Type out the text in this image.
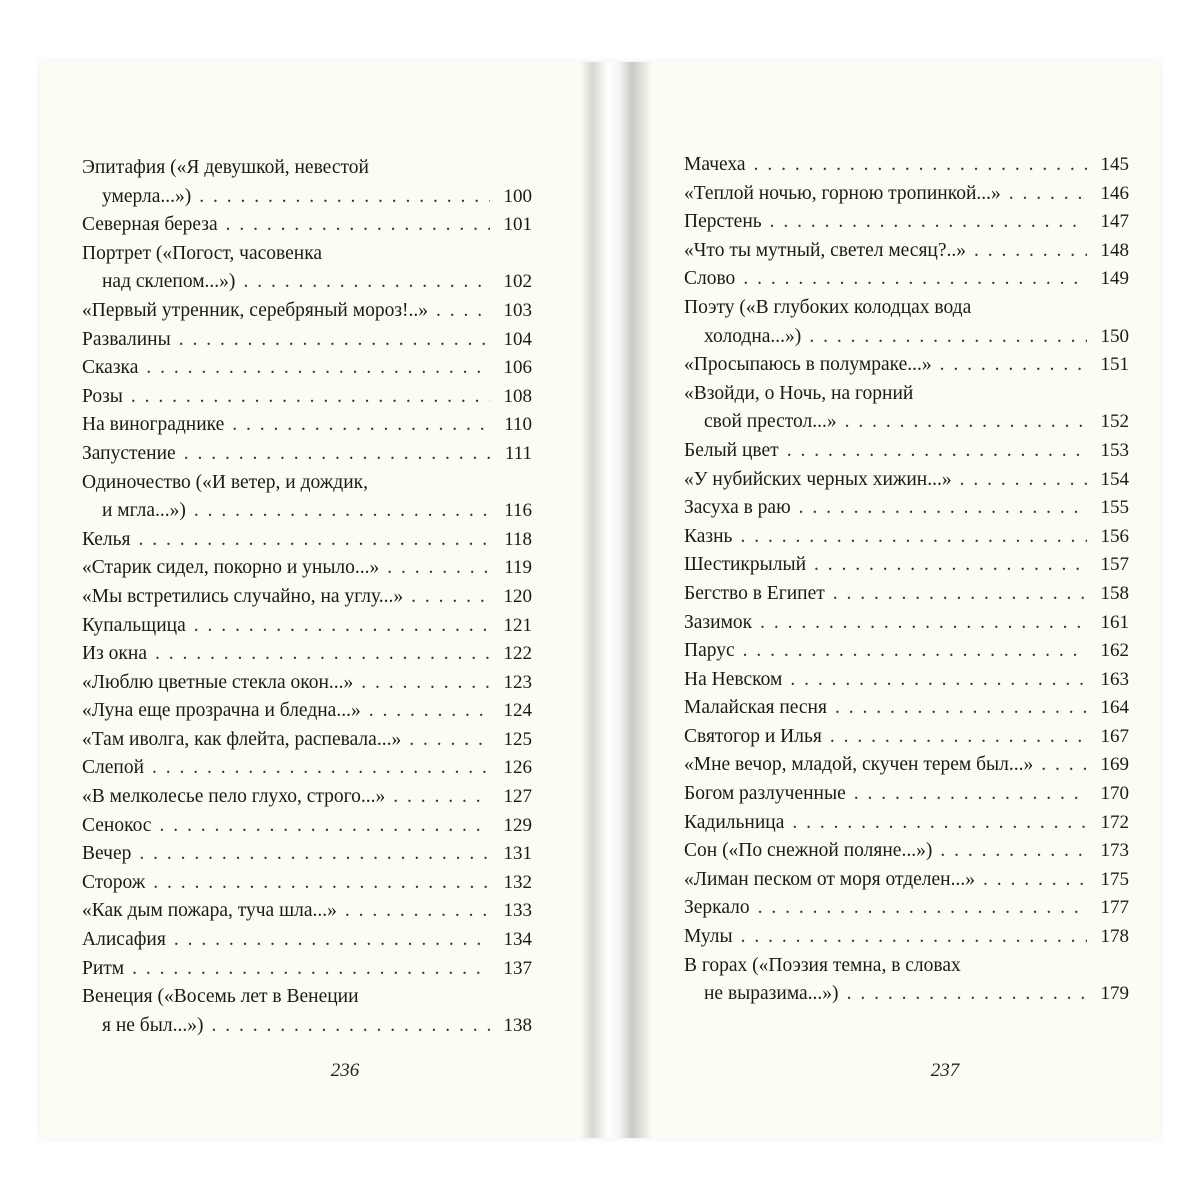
Эпитафия («Я девушкой, невестой
умерла...») . . .	100
Северная береза . . .	101
Портрет («Погост, часовенка
над склепом...») . . .	102
«Первый утренник, серебряный мороз!..» . . .	103
Развалины . . .	104
Сказка . . .	106
Розы . . .	108
На винограднике . . .	110
Запустение . . .	111
Одиночество («И ветер, и дождик,
и мгла...») . . .	116
Келья . . .	118
«Старик сидел, покорно и уныло...» . . .	119
«Мы встретились случайно, на углу...» . . .	120
Купальщица . . .	121
Из окна . . .	122
«Люблю цветные стекла окон...» . . .	123
«Луна еще прозрачна и бледна...» . . .	124
«Там иволга, как флейта, распевала...» . . .	125
Слепой . . .	126
«В мелколесье пело глухо, строго...» . . .	127
Сенокос . . .	129
Вечер . . .	131
Сторож . . .	132
«Как дым пожара, туча шла...» . . .	133
Алисафия . . .	134
Ритм . . .	137
Венеция («Восемь лет в Венеции
я не был...») . . .	138
236
Мачеха . . .	145
«Теплой ночью, горною тропинкой...» . . .	146
Перстень . . .	147
«Что ты мутный, светел месяц?..» . . .	148
Слово . . .	149
Поэту («В глубоких колодцах вода
холодна...») . . .	150
«Просыпаюсь в полумраке...» . . .	151
«Взойди, о Ночь, на горний
свой престол...» . . .	152
Белый цвет . . .	153
«У нубийских черных хижин...» . . .	154
Засуха в раю . . .	155
Казнь . . .	156
Шестикрылый . . .	157
Бегство в Египет . . .	158
Зазимок . . .	161
Парус . . .	162
На Невском . . .	163
Малайская песня . . .	164
Святогор и Илья . . .	167
«Мне вечор, младой, скучен терем был...» . . .	169
Богом разлученные . . .	170
Кадильница . . .	172
Сон («По снежной поляне...») . . .	173
«Лиман песком от моря отделен...» . . .	175
Зеркало . . .	177
Мулы . . .	178
В горах («Поэзия темна, в словах
не выразима...») . . .	179
237
